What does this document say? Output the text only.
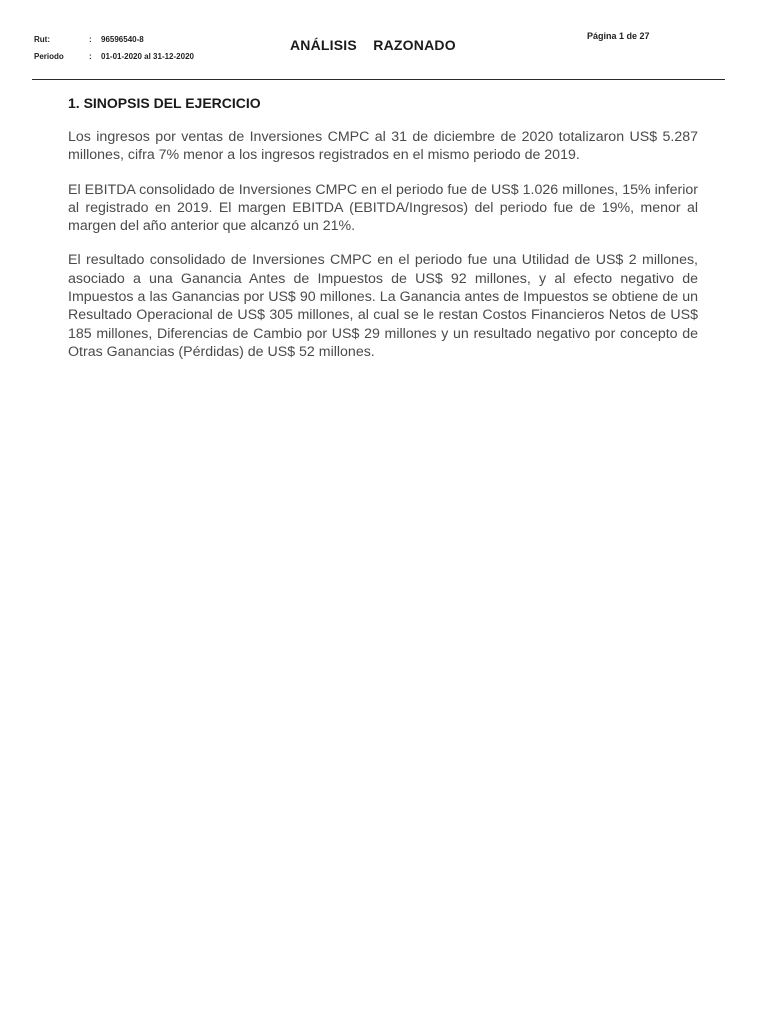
Rut:	:	96596540-8
Periodo	:	01-01-2020 al 31-12-2020
ANÁLISIS    RAZONADO
Página 1 de 27
1. SINOPSIS DEL EJERCICIO

Los ingresos por ventas de Inversiones CMPC al 31 de diciembre de 2020 totalizaron US$ 5.287 millones, cifra 7% menor a los ingresos registrados en el mismo periodo de 2019.

El EBITDA consolidado de Inversiones CMPC en el periodo fue de US$ 1.026 millones, 15% inferior al registrado en 2019. El margen EBITDA (EBITDA/Ingresos) del periodo fue de 19%, menor al margen del año anterior que alcanzó un 21%.

El resultado consolidado de Inversiones CMPC en el periodo fue una Utilidad de US$ 2 millones, asociado a una Ganancia Antes de Impuestos de US$ 92 millones, y al efecto negativo de Impuestos a las Ganancias por US$ 90 millones. La Ganancia antes de Impuestos se obtiene de un Resultado Operacional de US$ 305 millones, al cual se le restan Costos Financieros Netos de US$ 185 millones, Diferencias de Cambio por US$ 29 millones y un resultado negativo por concepto de Otras Ganancias (Pérdidas) de US$ 52 millones.
